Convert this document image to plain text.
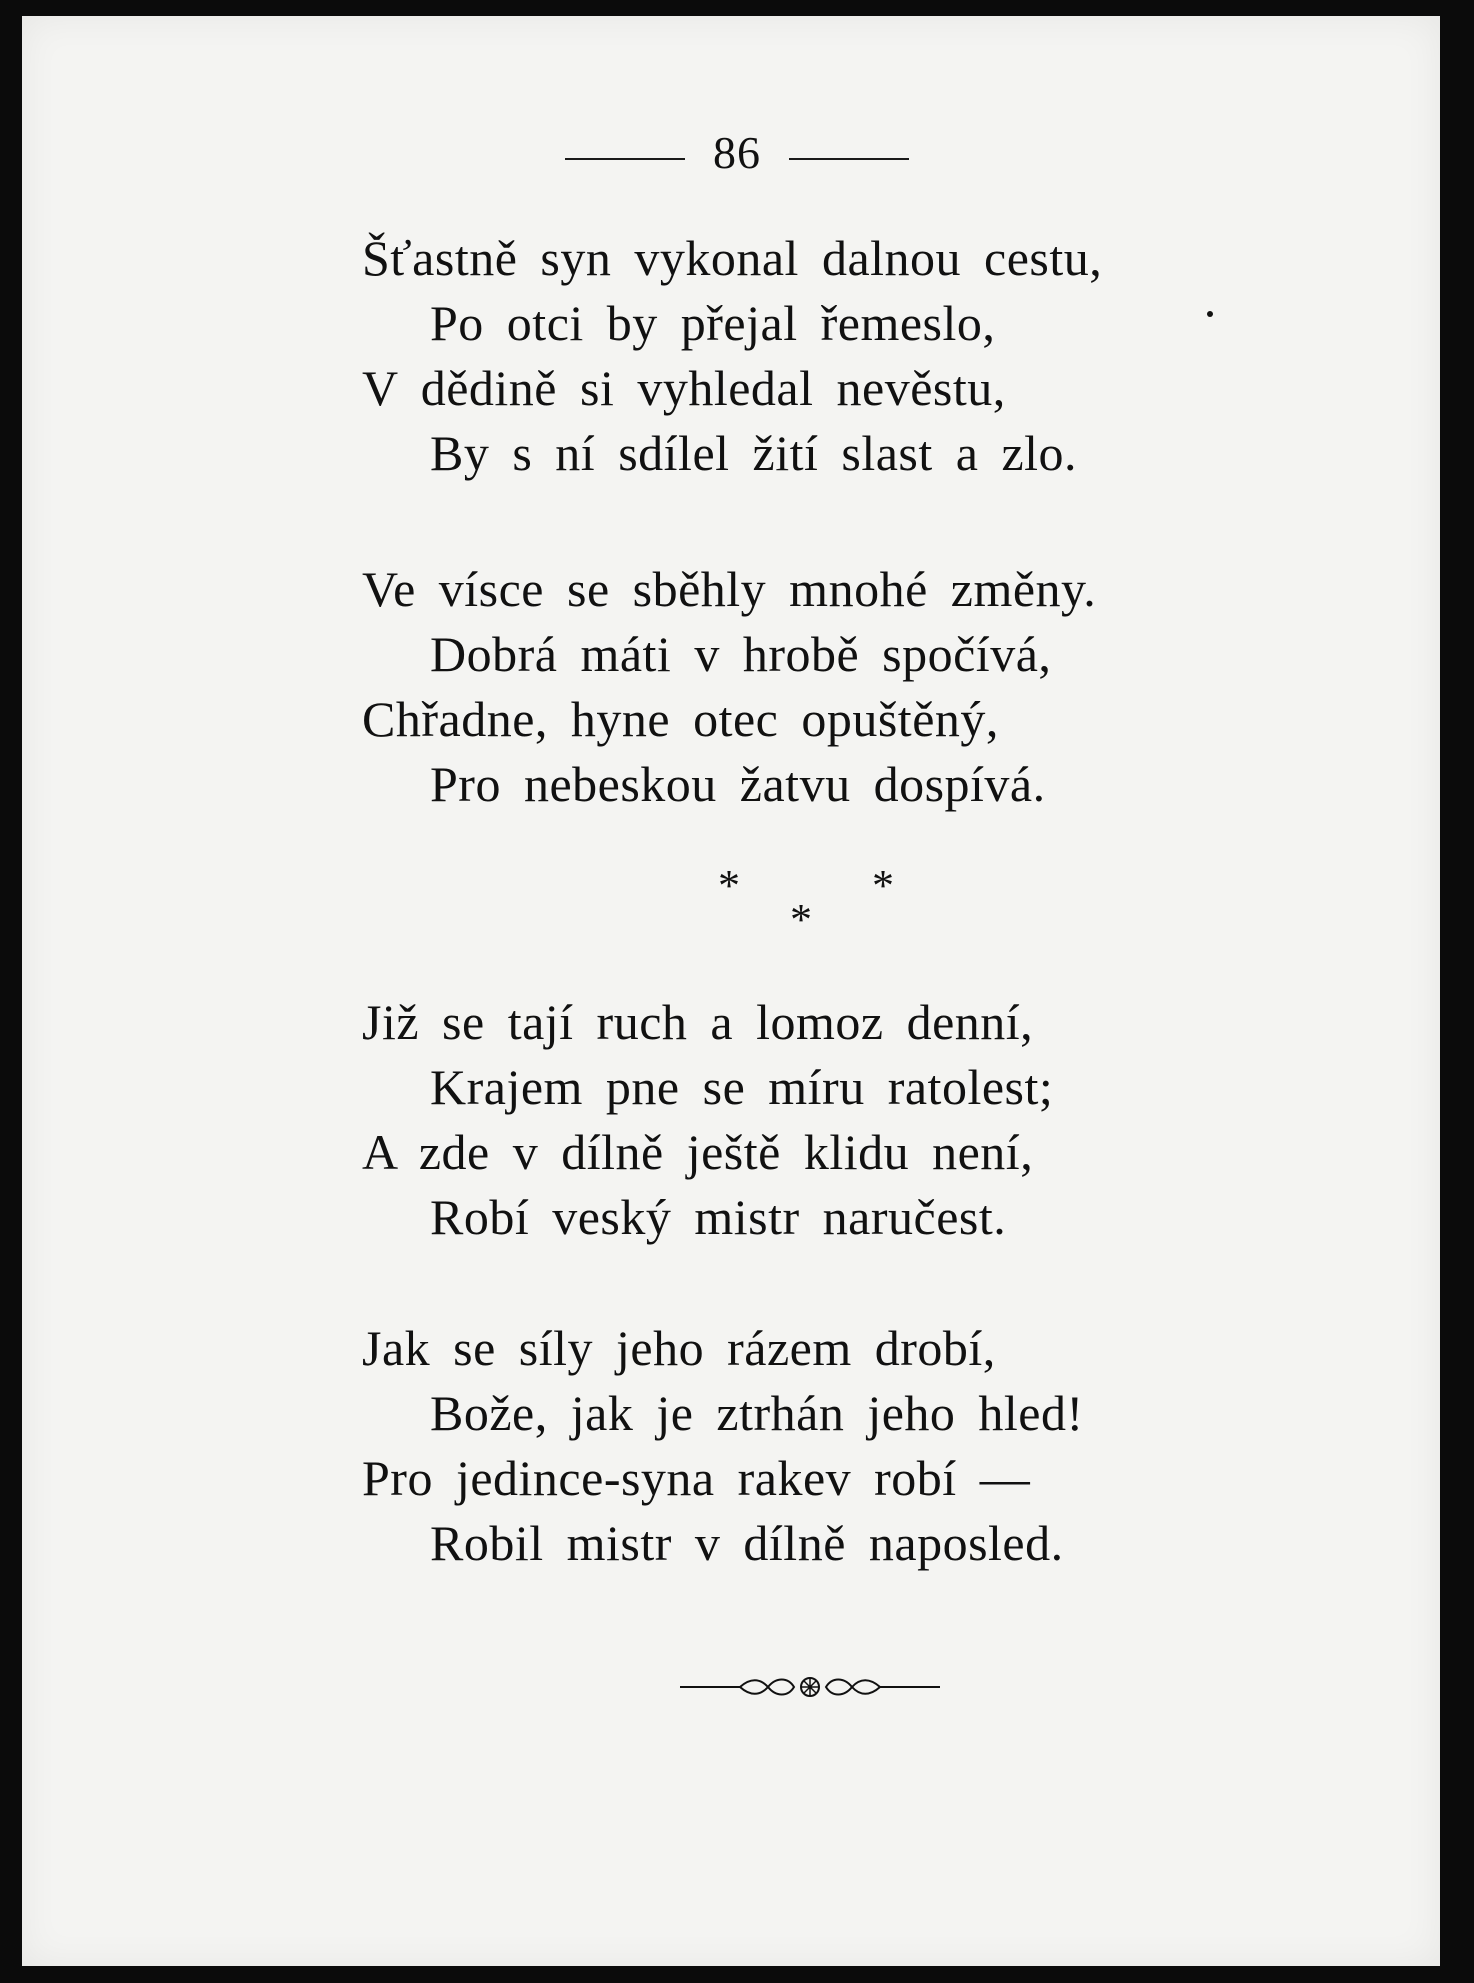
86
Šťastně syn vykonal dalnou cestu,
Po otci by přejal řemeslo,
V dědině si vyhledal nevěstu,
By s ní sdílel žití slast a zlo.
Ve vísce se sběhly mnohé změny.
Dobrá máti v hrobě spočívá,
Chřadne, hyne otec opuštěný,
Pro nebeskou žatvu dospívá.
*
*
*
Již se tají ruch a lomoz denní,
Krajem pne se míru ratolest;
A zde v dílně ještě klidu není,
Robí veský mistr naručest.
Jak se síly jeho rázem drobí,
Bože, jak je ztrhán jeho hled!
Pro jedince-syna rakev robí —
Robil mistr v dílně naposled.
